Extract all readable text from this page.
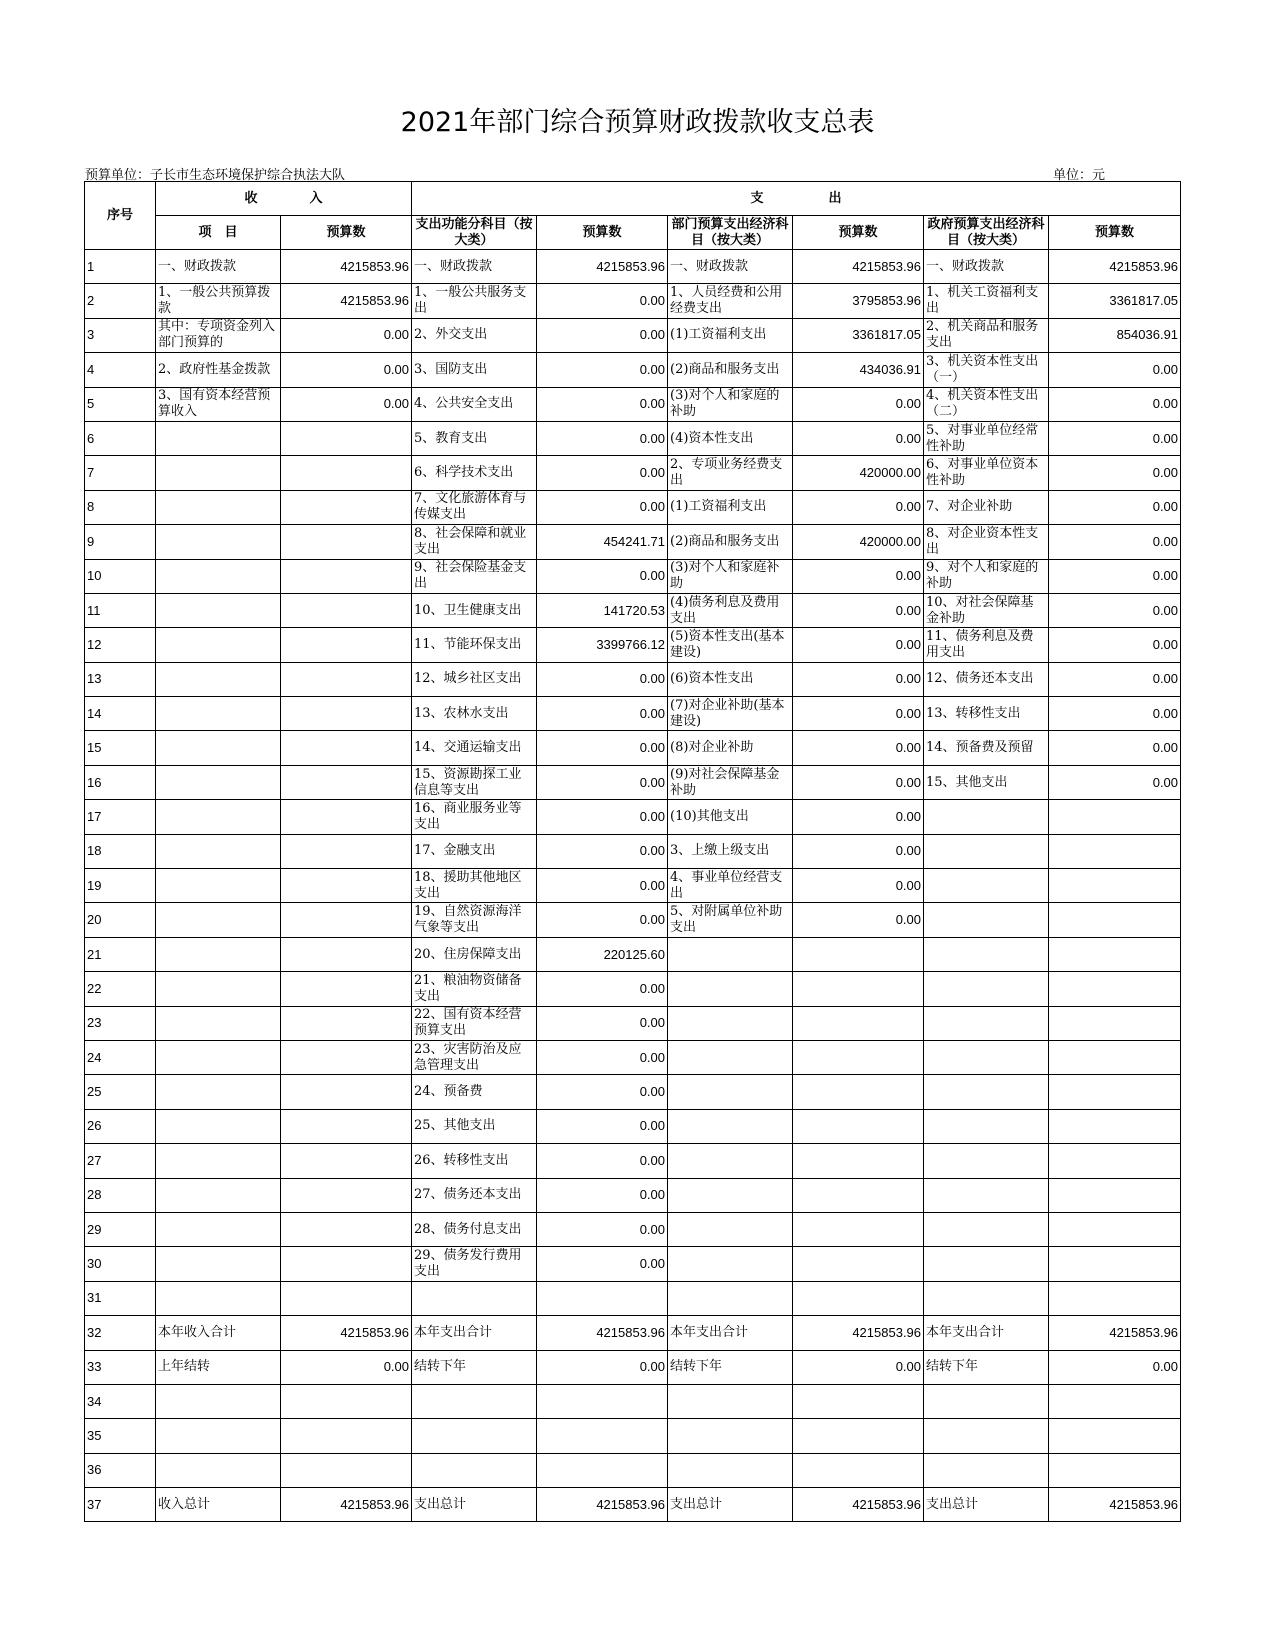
2021年部门综合预算财政拨款收支总表
预算单位：子长市生态环境保护综合执法大队	单位：元
序号	收　　　　入		支　　　　　出					
	项　目	预算数	支出功能分科目（按大类）	预算数	部门预算支出经济科目（按大类）	预算数	政府预算支出经济科目（按大类）	预算数
1	一、财政拨款	4215853.96	一、财政拨款	4215853.96	一、财政拨款	4215853.96	一、财政拨款	4215853.96
2	1、一般公共预算拨款	4215853.96	1、一般公共服务支出	0.00	1、人员经费和公用经费支出	3795853.96	1、机关工资福利支出	3361817.05
3	其中：专项资金列入部门预算的	0.00	2、外交支出	0.00	(1)工资福利支出	3361817.05	2、机关商品和服务支出	854036.91
4	2、政府性基金拨款	0.00	3、国防支出	0.00	(2)商品和服务支出	434036.91	3、机关资本性支出（一）	0.00
5	3、国有资本经营预算收入	0.00	4、公共安全支出	0.00	(3)对个人和家庭的补助	0.00	4、机关资本性支出（二）	0.00
6			5、教育支出	0.00	(4)资本性支出	0.00	5、对事业单位经常性补助	0.00
7			6、科学技术支出	0.00	2、专项业务经费支出	420000.00	6、对事业单位资本性补助	0.00
8			7、文化旅游体育与传媒支出	0.00	(1)工资福利支出	0.00	7、对企业补助	0.00
9			8、社会保障和就业支出	454241.71	(2)商品和服务支出	420000.00	8、对企业资本性支出	0.00
10			9、社会保险基金支出	0.00	(3)对个人和家庭补助	0.00	9、对个人和家庭的补助	0.00
11			10、卫生健康支出	141720.53	(4)债务利息及费用支出	0.00	10、对社会保障基金补助	0.00
12			11、节能环保支出	3399766.12	(5)资本性支出(基本建设)	0.00	11、债务利息及费用支出	0.00
13			12、城乡社区支出	0.00	(6)资本性支出	0.00	12、债务还本支出	0.00
14			13、农林水支出	0.00	(7)对企业补助(基本建设)	0.00	13、转移性支出	0.00
15			14、交通运输支出	0.00	(8)对企业补助	0.00	14、预备费及预留	0.00
16			15、资源勘探工业信息等支出	0.00	(9)对社会保障基金补助	0.00	15、其他支出	0.00
17			16、商业服务业等支出	0.00	(10)其他支出	0.00		
18			17、金融支出	0.00	3、上缴上级支出	0.00		
19			18、援助其他地区支出	0.00	4、事业单位经营支出	0.00		
20			19、自然资源海洋气象等支出	0.00	5、对附属单位补助支出	0.00		
21			20、住房保障支出	220125.60				
22			21、粮油物资储备支出	0.00				
23			22、国有资本经营预算支出	0.00				
24			23、灾害防治及应急管理支出	0.00				
25			24、预备费	0.00				
26			25、其他支出	0.00				
27			26、转移性支出	0.00				
28			27、债务还本支出	0.00				
29			28、债务付息支出	0.00				
30			29、债务发行费用支出	0.00				
31								
32	本年收入合计	4215853.96	本年支出合计	4215853.96	本年支出合计	4215853.96	本年支出合计	4215853.96
33	上年结转	0.00	结转下年	0.00	结转下年	0.00	结转下年	0.00
34								
35								
36								
37	收入总计	4215853.96	支出总计	4215853.96	支出总计	4215853.96	支出总计	4215853.96
